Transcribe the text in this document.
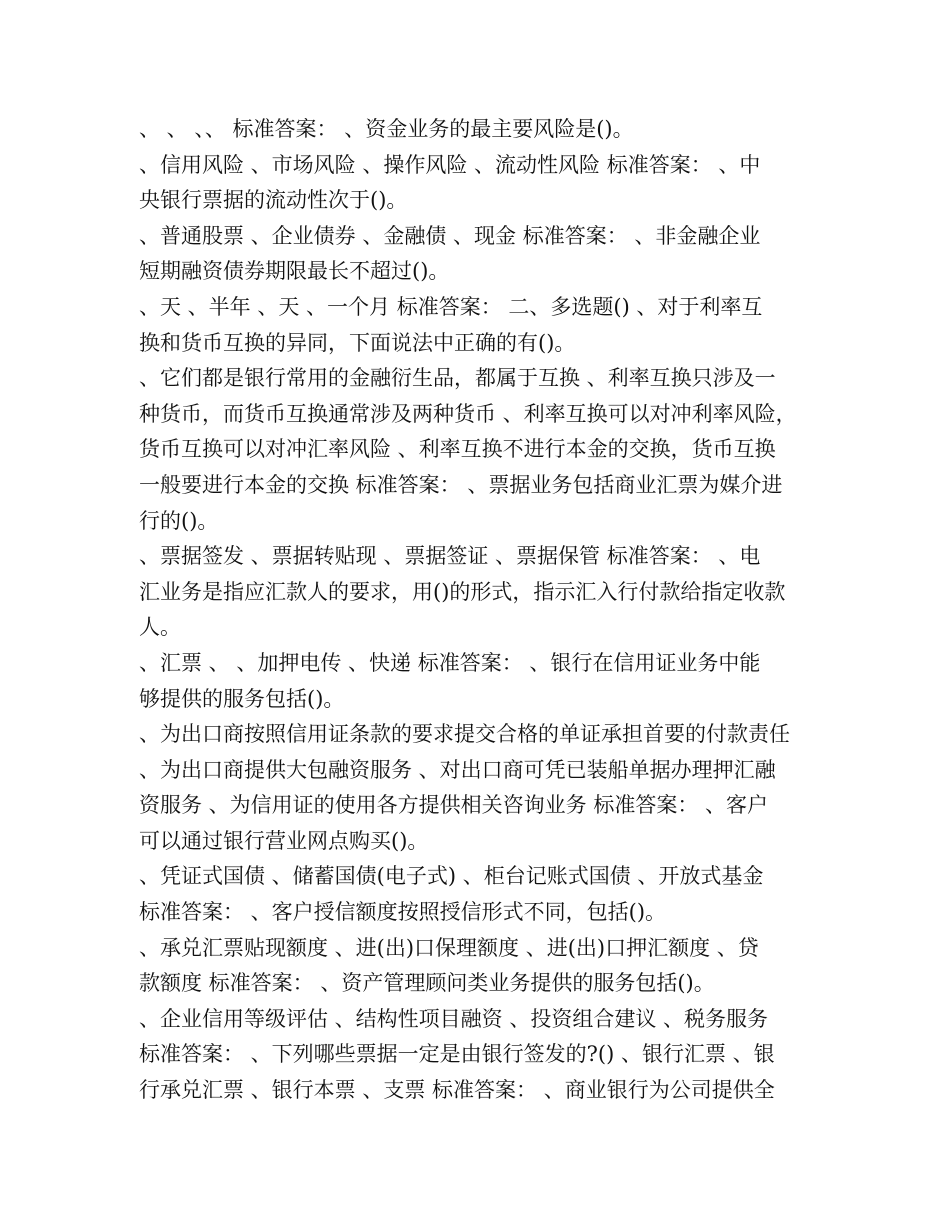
、 、 、、 标准答案： 、资金业务的最主要风险是()。
、信用风险 、市场风险 、操作风险 、流动性风险 标准答案： 、中
央银行票据的流动性次于()。
、普通股票 、企业债券 、金融债 、现金 标准答案： 、非金融企业
短期融资债券期限最长不超过()。
、天 、半年 、天 、一个月 标准答案： 二、多选题() 、对于利率互
换和货币互换的异同，下面说法中正确的有()。
、它们都是银行常用的金融衍生品，都属于互换 、利率互换只涉及一
种货币，而货币互换通常涉及两种货币 、利率互换可以对冲利率风险，
货币互换可以对冲汇率风险 、利率互换不进行本金的交换，货币互换
一般要进行本金的交换 标准答案： 、票据业务包括商业汇票为媒介进
行的()。
、票据签发 、票据转贴现 、票据签证 、票据保管 标准答案： 、电
汇业务是指应汇款人的要求，用()的形式，指示汇入行付款给指定收款
人。
、汇票 、 、加押电传 、快递 标准答案： 、银行在信用证业务中能
够提供的服务包括()。
、为出口商按照信用证条款的要求提交合格的单证承担首要的付款责任
、为出口商提供大包融资服务 、对出口商可凭已装船单据办理押汇融
资服务 、为信用证的使用各方提供相关咨询业务 标准答案： 、客户
可以通过银行营业网点购买()。
、凭证式国债 、储蓄国债(电子式) 、柜台记账式国债 、开放式基金
标准答案： 、客户授信额度按照授信形式不同，包括()。
、承兑汇票贴现额度 、进(出)口保理额度 、进(出)口押汇额度 、贷
款额度 标准答案： 、资产管理顾问类业务提供的服务包括()。
、企业信用等级评估 、结构性项目融资 、投资组合建议 、税务服务
标准答案： 、下列哪些票据一定是由银行签发的?() 、银行汇票 、银
行承兑汇票 、银行本票 、支票 标准答案： 、商业银行为公司提供全
